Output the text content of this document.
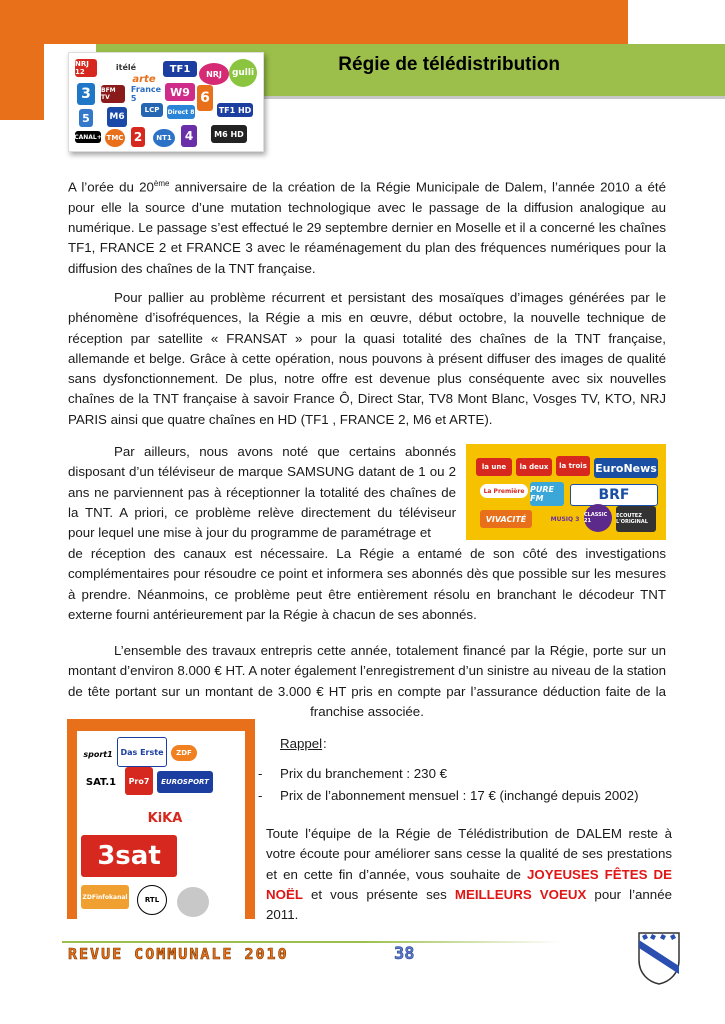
Régie de télédistribution
NRJ 12
itélé
arte
TF1	NRJ	gulli
3	BFM TV
France 5	W9 6
5
CANAL+
M6
LCP	Direct 8	TF1 HD
TMC 2	NT1	4	M6 HD
A l’orée du 20ème anniversaire de la création de la Régie Municipale de Dalem, l’année 2010 a été pour elle la source d’une mutation technologique avec le passage de la diffusion analogique au numérique. Le passage s’est effectué le 29 septembre dernier en Moselle et il a concerné les chaînes TF1, FRANCE 2 et FRANCE 3 avec le réaménagement du plan des fréquences numériques pour la diffusion des chaînes de la TNT française.
Pour pallier au problème récurrent et persistant des mosaïques d’images générées par le phénomène d’isofréquences, la Régie a mis en œuvre, début octobre, la nouvelle technique de réception par satellite « FRANSAT » pour la quasi totalité des chaînes de la TNT française, allemande et belge. Grâce à cette opération, nous pouvons à présent diffuser des images de qualité sans dysfonctionnement. De plus, notre offre est devenue plus conséquente avec six nouvelles chaînes de la TNT française à savoir France Ô, Direct Star, TV8 Mont Blanc, Vosges TV, KTO, NRJ PARIS ainsi que quatre chaînes en HD (TF1 , FRANCE 2, M6 et ARTE).
Par ailleurs, nous avons noté que certains abonnés disposant d’un téléviseur de marque SAMSUNG datant de 1 ou 2 ans ne parviennent pas à réceptionner la totalité des chaînes de la TNT. A priori, ce problème relève directement du téléviseur pour lequel une mise à jour du programme de paramétrage et
de réception des canaux est nécessaire. La Régie a entamé de son côté des investigations complémentaires pour résoudre ce point et informera ses abonnés dès que possible sur les mesures à prendre. Néanmoins, ce problème peut être entièrement résolu en branchant le décodeur TNT externe fourni antérieurement par la Régie à chacun de ses abonnés.
la une	la deux	la trois EuroNews
La Première PURE FM	BRF
VIVACITÉ	MUSIQ 3
CLASSIC 21
ECOUTEZ L'ORIGINAL
L’ensemble des travaux entrepris cette année, totalement financé par la Régie, porte sur un montant d’environ 8.000 € HT. A noter également l’enregistrement d’un sinistre au niveau de la station de tête portant sur un montant de 3.000 € HT pris en compte par l’assurance déduction faite de la franchise associée.
sport1 Das Erste	ZDF
SAT.1	Pro7	EUROSPORT
KiKA
3sat
ZDFinfokanal	RTL
Rappel :
- Prix du branchement : 230 €
- Prix de l’abonnement mensuel : 17 € (inchangé depuis 2002)
Toute l’équipe de la Régie de Télédistribution de DALEM reste à votre écoute pour améliorer sans cesse la qualité de ses prestations et en cette fin d’année, vous souhaite de JOYEUSES FÊTES DE NOËL et vous présente ses MEILLEURS VOEUX pour l’année 2011.
REVUE COMMUNALE 2010	38
